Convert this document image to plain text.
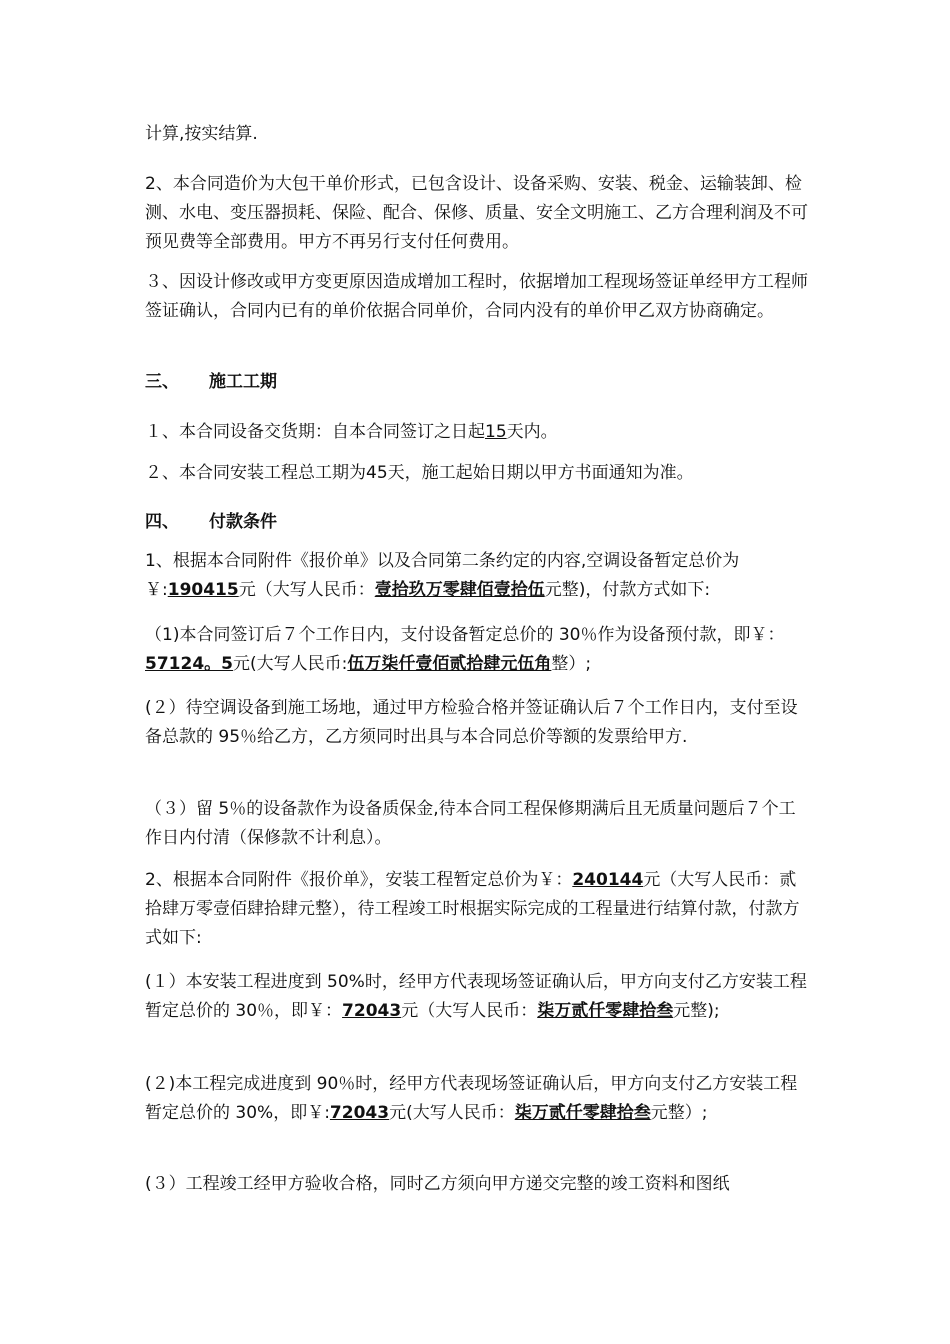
计算,按实结算.

2、本合同造价为大包干单价形式，已包含设计、设备采购、安装、税金、运输装卸、检测、水电、变压器损耗、保险、配合、保修、质量、安全文明施工、乙方合理利润及不可预见费等全部费用。甲方不再另行支付任何费用。

３、因设计修改或甲方变更原因造成增加工程时，依据增加工程现场签证单经甲方工程师签证确认，合同内已有的单价依据合同单价，合同内没有的单价甲乙双方协商确定。

三、 施工工期

１、本合同设备交货期：自本合同签订之日起15天内。

２、本合同安装工程总工期为45天，施工起始日期以甲方书面通知为准。

四、 付款条件

1、根据本合同附件《报价单》以及合同第二条约定的内容,空调设备暂定总价为￥:190415元（大写人民币：壹拾玖万零肆佰壹拾伍元整)，付款方式如下:

（1)本合同签订后７个工作日内，支付设备暂定总价的 30％作为设备预付款，即￥：57124。5元(大写人民币:伍万柒仟壹佰贰拾肆元伍角整）;

(２）待空调设备到施工场地，通过甲方检验合格并签证确认后７个工作日内，支付至设备总款的 95％给乙方，乙方须同时出具与本合同总价等额的发票给甲方.

（３）留 5％的设备款作为设备质保金,待本合同工程保修期满后且无质量问题后７个工作日内付清（保修款不计利息）。

2、根据本合同附件《报价单》，安装工程暂定总价为￥：240144元（大写人民币：贰拾肆万零壹佰肆拾肆元整），待工程竣工时根据实际完成的工程量进行结算付款，付款方式如下:

(１）本安装工程进度到 50%时，经甲方代表现场签证确认后，甲方向支付乙方安装工程暂定总价的 30％，即￥：72043元（大写人民币：柒万贰仟零肆拾叁元整);

(２)本工程完成进度到 90％时，经甲方代表现场签证确认后，甲方向支付乙方安装工程暂定总价的 30%，即￥:72043元(大写人民币：柒万贰仟零肆拾叁元整）;

(３）工程竣工经甲方验收合格，同时乙方须向甲方递交完整的竣工资料和图纸
